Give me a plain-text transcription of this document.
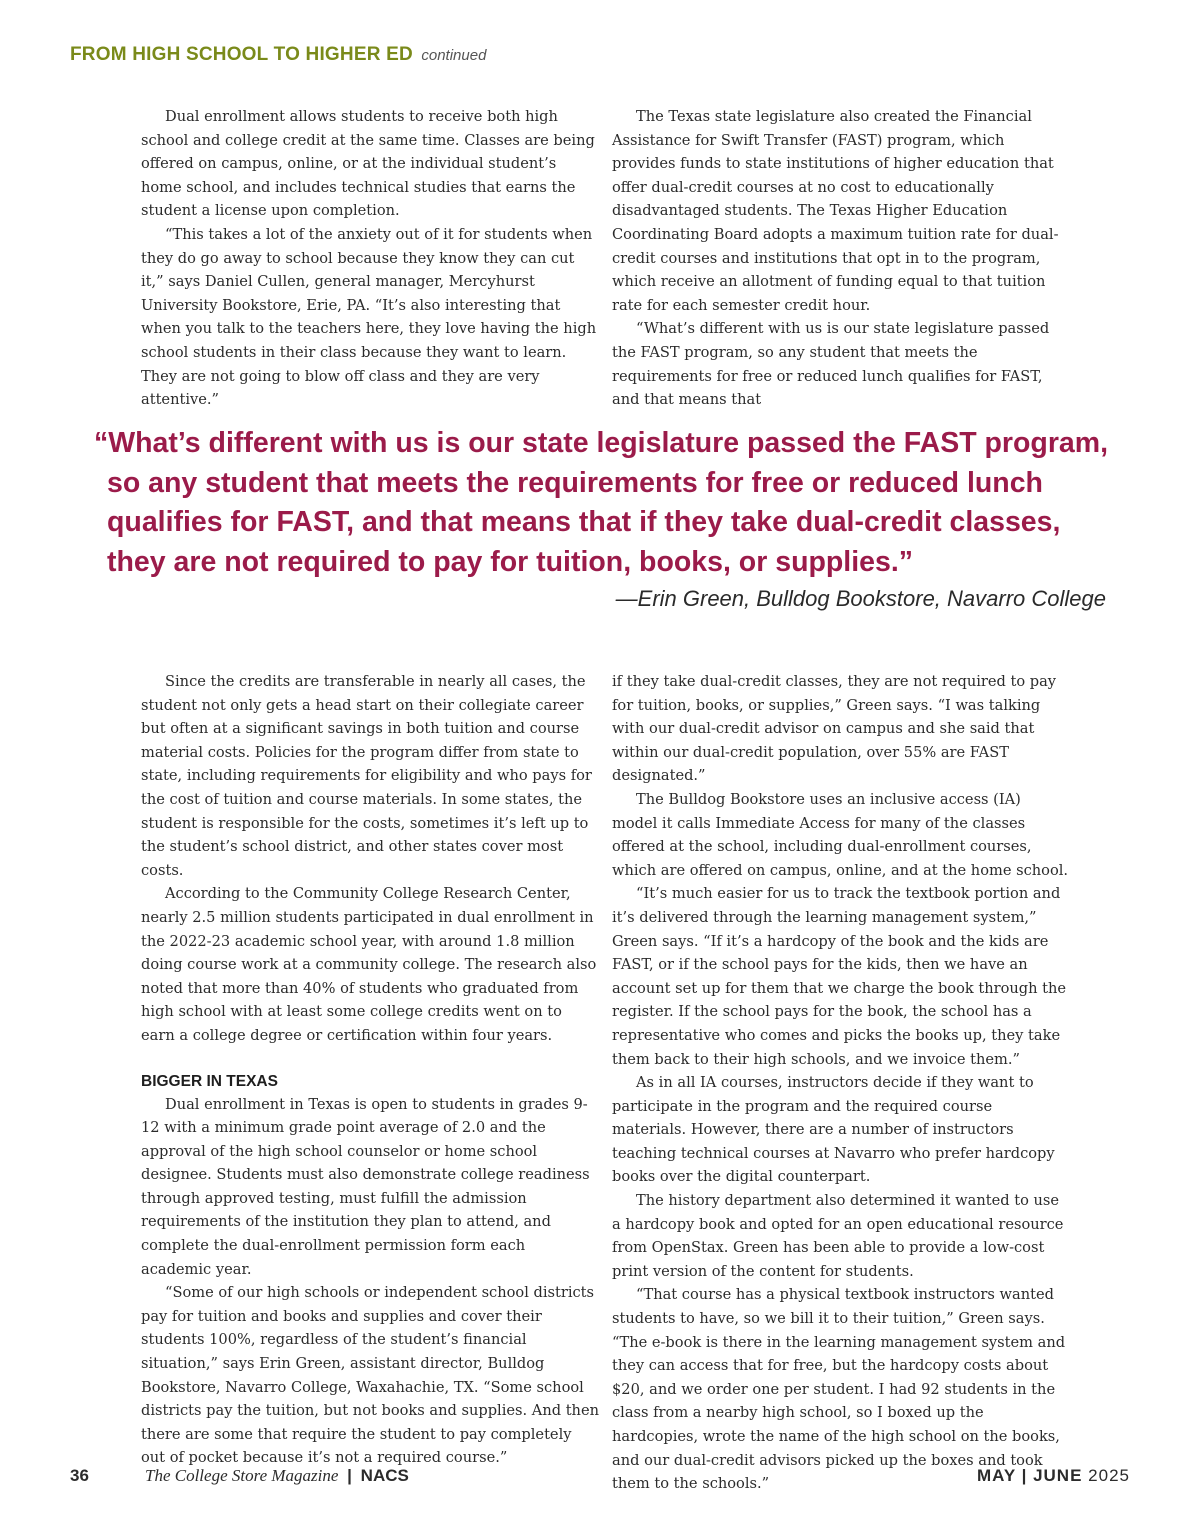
FROM HIGH SCHOOL TO HIGHER ED continued

Dual enrollment allows students to receive both high school and college credit at the same time. Classes are being offered on campus, online, or at the individual student’s home school, and includes technical studies that earns the student a license upon completion.

“This takes a lot of the anxiety out of it for students when they do go away to school because they know they can cut it,” says Daniel Cullen, general manager, Mercyhurst University Bookstore, Erie, PA. “It’s also interesting that when you talk to the teachers here, they love having the high school students in their class because they want to learn. They are not going to blow off class and they are very attentive.”

The Texas state legislature also created the Financial Assistance for Swift Transfer (FAST) program, which provides funds to state institutions of higher education that offer dual-credit courses at no cost to educationally disadvantaged students. The Texas Higher Education Coordinating Board adopts a maximum tuition rate for dual-credit courses and institutions that opt in to the program, which receive an allotment of funding equal to that tuition rate for each semester credit hour.

“What’s different with us is our state legislature passed the FAST program, so any student that meets the requirements for free or reduced lunch qualifies for FAST, and that means that

“What’s different with us is our state legislature passed the FAST program, so any student that meets the requirements for free or reduced lunch qualifies for FAST, and that means that if they take dual-credit classes, they are not required to pay for tuition, books, or supplies.”
—Erin Green, Bulldog Bookstore, Navarro College

Since the credits are transferable in nearly all cases, the student not only gets a head start on their collegiate career but often at a significant savings in both tuition and course material costs. Policies for the program differ from state to state, including requirements for eligibility and who pays for the cost of tuition and course materials. In some states, the student is responsible for the costs, sometimes it’s left up to the student’s school district, and other states cover most costs.

According to the Community College Research Center, nearly 2.5 million students participated in dual enrollment in the 2022-23 academic school year, with around 1.8 million doing course work at a community college. The research also noted that more than 40% of students who graduated from high school with at least some college credits went on to earn a college degree or certification within four years.

BIGGER IN TEXAS

Dual enrollment in Texas is open to students in grades 9-12 with a minimum grade point average of 2.0 and the approval of the high school counselor or home school designee. Students must also demonstrate college readiness through approved testing, must fulfill the admission requirements of the institution they plan to attend, and complete the dual-enrollment permission form each academic year.

“Some of our high schools or independent school districts pay for tuition and books and supplies and cover their students 100%, regardless of the student’s financial situation,” says Erin Green, assistant director, Bulldog Bookstore, Navarro College, Waxahachie, TX. “Some school districts pay the tuition, but not books and supplies. And then there are some that require the student to pay completely out of pocket because it’s not a required course.”

if they take dual-credit classes, they are not required to pay for tuition, books, or supplies,” Green says. “I was talking with our dual-credit advisor on campus and she said that within our dual-credit population, over 55% are FAST designated.”

The Bulldog Bookstore uses an inclusive access (IA) model it calls Immediate Access for many of the classes offered at the school, including dual-enrollment courses, which are offered on campus, online, and at the home school.

“It’s much easier for us to track the textbook portion and it’s delivered through the learning management system,” Green says. “If it’s a hardcopy of the book and the kids are FAST, or if the school pays for the kids, then we have an account set up for them that we charge the book through the register. If the school pays for the book, the school has a representative who comes and picks the books up, they take them back to their high schools, and we invoice them.”

As in all IA courses, instructors decide if they want to participate in the program and the required course materials. However, there are a number of instructors teaching technical courses at Navarro who prefer hardcopy books over the digital counterpart.

The history department also determined it wanted to use a hardcopy book and opted for an open educational resource from OpenStax. Green has been able to provide a low-cost print version of the content for students.

“That course has a physical textbook instructors wanted students to have, so we bill it to their tuition,” Green says. “The e-book is there in the learning management system and they can access that for free, but the hardcopy costs about $20, and we order one per student. I had 92 students in the class from a nearby high school, so I boxed up the hardcopies, wrote the name of the high school on the books, and our dual-credit advisors picked up the boxes and took them to the schools.”

36	The College Store Magazine | NACS	MAY | JUNE 2025
